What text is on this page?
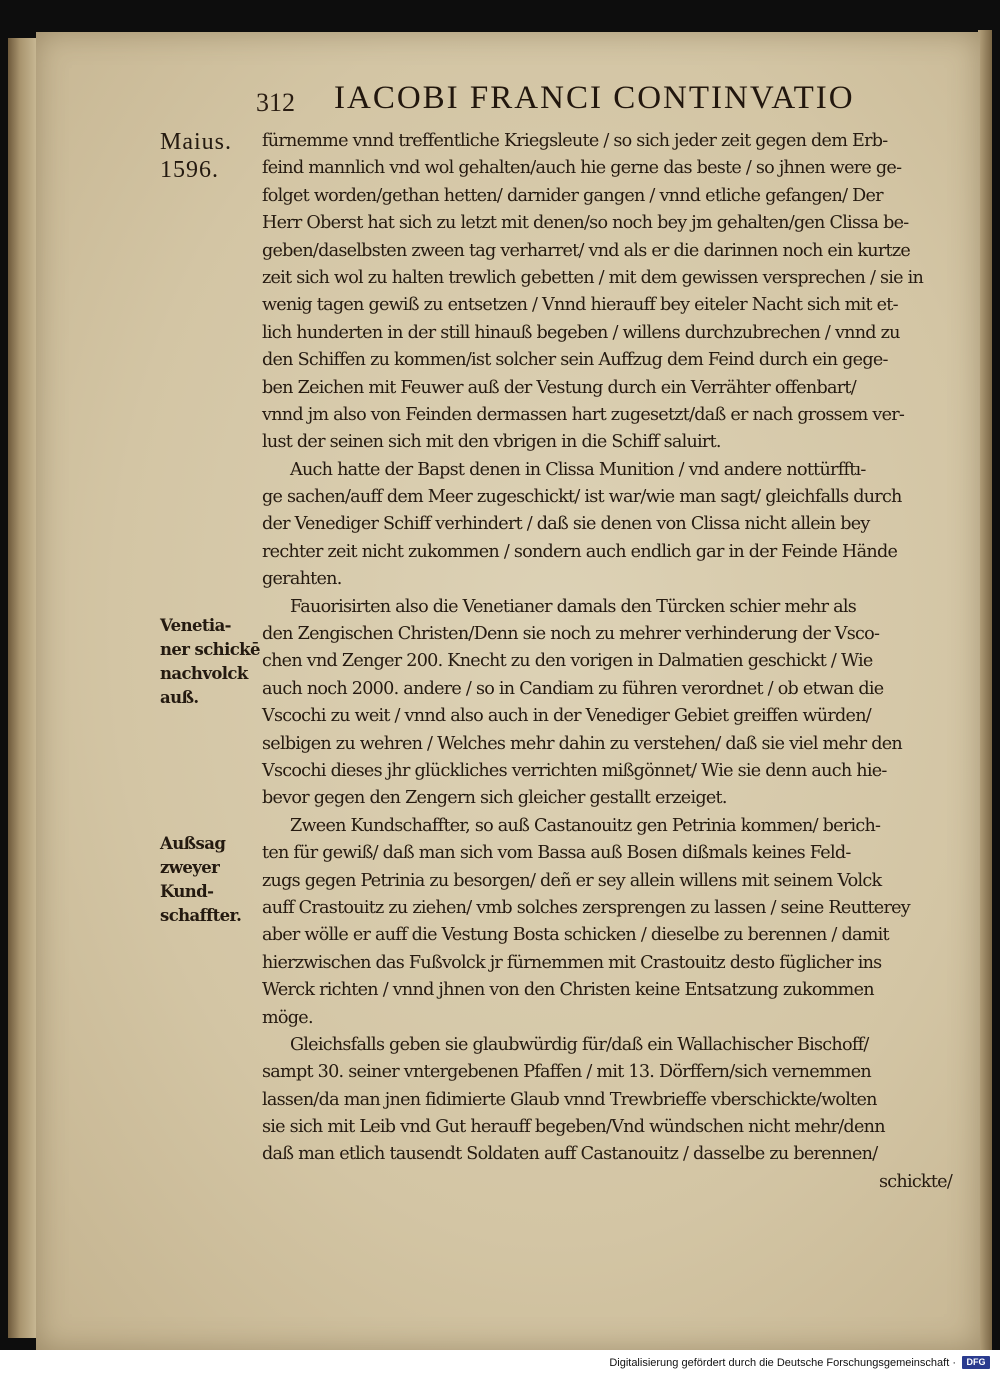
312 IACOBI FRANCI CONTINVATIO
Maius.
1596.
Venetia-
ner schickē
nachvolck
auß.
Außsag
zweyer
Kund-
schaffter.
fürnemme vnnd treffentliche Kriegsleute / so sich jeder zeit gegen dem Erb-
feind mannlich vnd wol gehalten/auch hie gerne das beste / so jhnen were ge-
folget worden/gethan hetten/ darnider gangen / vnnd etliche gefangen/ Der
Herr Oberst hat sich zu letzt mit denen/so noch bey jm gehalten/gen Clissa be-
geben/daselbsten zween tag verharret/ vnd als er die darinnen noch ein kurtze
zeit sich wol zu halten trewlich gebetten / mit dem gewissen versprechen / sie in
wenig tagen gewiß zu entsetzen / Vnnd hierauff bey eiteler Nacht sich mit et-
lich hunderten in der still hinauß begeben / willens durchzubrechen / vnnd zu
den Schiffen zu kommen/ist solcher sein Auffzug dem Feind durch ein gege-
ben Zeichen mit Feuwer auß der Vestung durch ein Verrähter offenbart/
vnnd jm also von Feinden dermassen hart zugesetzt/daß er nach grossem ver-
lust der seinen sich mit den vbrigen in die Schiff saluirt.
Auch hatte der Bapst denen in Clissa Munition / vnd andere nottürfftı-
ge sachen/auff dem Meer zugeschickt/ ist war/wie man sagt/ gleichfalls durch
der Venediger Schiff verhindert / daß sie denen von Clissa nicht allein bey
rechter zeit nicht zukommen / sondern auch endlich gar in der Feinde Hände
gerahten.
Fauorisirten also die Venetianer damals den Türcken schier mehr als
den Zengischen Christen/Denn sie noch zu mehrer verhinderung der Vsco-
chen vnd Zenger 200. Knecht zu den vorigen in Dalmatien geschickt / Wie
auch noch 2000. andere / so in Candiam zu führen verordnet / ob etwan die
Vscochi zu weit / vnnd also auch in der Venediger Gebiet greiffen würden/
selbigen zu wehren / Welches mehr dahin zu verstehen/ daß sie viel mehr den
Vscochi dieses jhr glückliches verrichten mißgönnet/ Wie sie denn auch hie-
bevor gegen den Zengern sich gleicher gestallt erzeiget.
Zween Kundschaffter, so auß Castanouitz gen Petrinia kommen/ berich-
ten für gewiß/ daß man sich vom Bassa auß Bosen dißmals keines Feld-
zugs gegen Petrinia zu besorgen/ deñ er sey allein willens mit seinem Volck
auff Crastouitz zu ziehen/ vmb solches zersprengen zu lassen / seine Reutterey
aber wölle er auff die Vestung Bosta schicken / dieselbe zu berennen / damit
hierzwischen das Fußvolck jr fürnemmen mit Crastouitz desto füglicher ins
Werck richten / vnnd jhnen von den Christen keine Entsatzung zukommen
möge.
Gleichsfalls geben sie glaubwürdig für/daß ein Wallachischer Bischoff/
sampt 30. seiner vntergebenen Pfaffen / mit 13. Dörffern/sich vernemmen
lassen/da man jnen fidimierte Glaub vnnd Trewbrieffe vberschickte/wolten
sie sich mit Leib vnd Gut herauff begeben/Vnd wündschen nicht mehr/denn
daß man etlich tausendt Soldaten auff Castanouitz / dasselbe zu berennen/
schickte/
Digitalisierung gefördert durch die Deutsche Forschungsgemeinschaft ·	DFG
